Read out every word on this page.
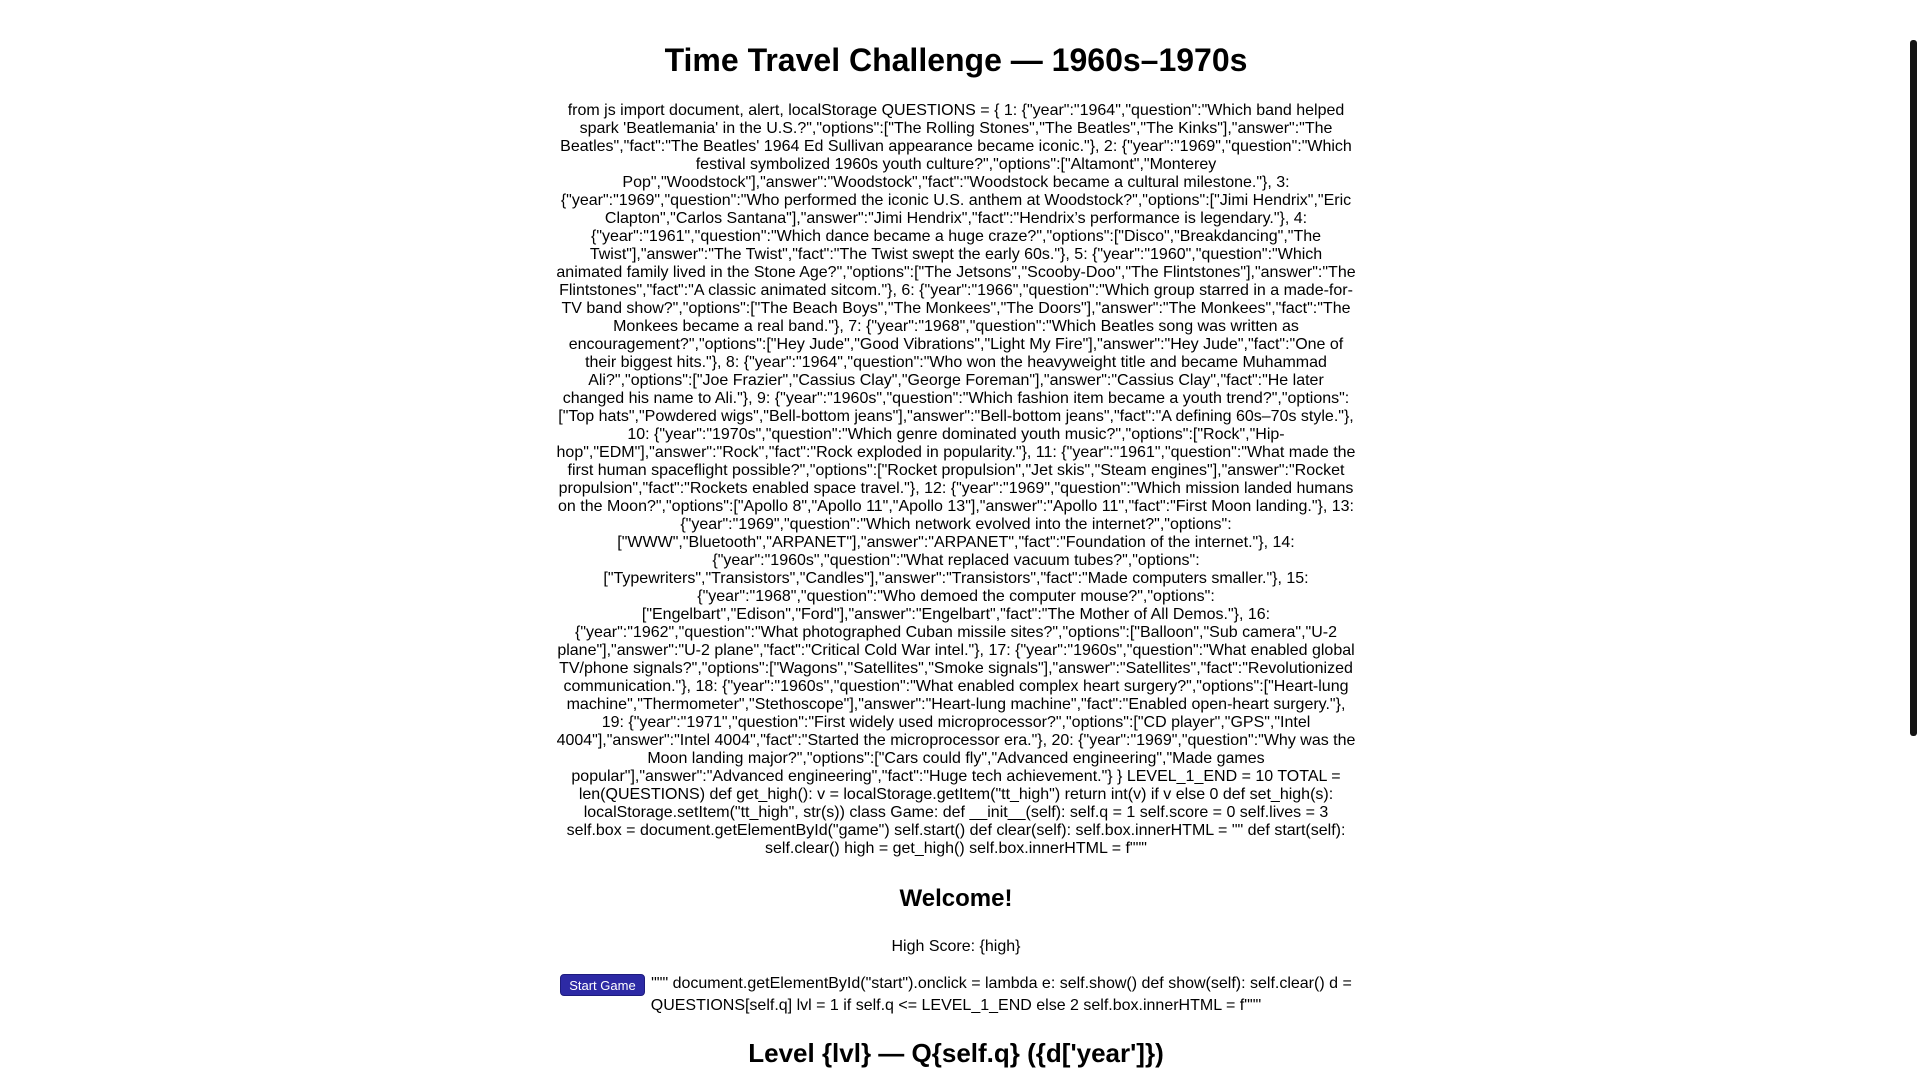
Time Travel Challenge — 1960s–1970s

from js import document, alert, localStorage QUESTIONS = { 1: {"year":"1964","question":"Which band helped spark 'Beatlemania' in the U.S.?","options":["The Rolling Stones","The Beatles","The Kinks"],"answer":"The Beatles","fact":"The Beatles' 1964 Ed Sullivan appearance became iconic."}, 2: {"year":"1969","question":"Which festival symbolized 1960s youth culture?","options":["Altamont","Monterey Pop","Woodstock"],"answer":"Woodstock","fact":"Woodstock became a cultural milestone."}, 3: {"year":"1969","question":"Who performed the iconic U.S. anthem at Woodstock?","options":["Jimi Hendrix","Eric Clapton","Carlos Santana"],"answer":"Jimi Hendrix","fact":"Hendrix’s performance is legendary."}, 4: {"year":"1961","question":"Which dance became a huge craze?","options":["Disco","Breakdancing","The Twist"],"answer":"The Twist","fact":"The Twist swept the early 60s."}, 5: {"year":"1960","question":"Which animated family lived in the Stone Age?","options":["The Jetsons","Scooby-Doo","The Flintstones"],"answer":"The Flintstones","fact":"A classic animated sitcom."}, 6: {"year":"1966","question":"Which group starred in a made-for-TV band show?","options":["The Beach Boys","The Monkees","The Doors"],"answer":"The Monkees","fact":"The Monkees became a real band."}, 7: {"year":"1968","question":"Which Beatles song was written as encouragement?","options":["Hey Jude","Good Vibrations","Light My Fire"],"answer":"Hey Jude","fact":"One of their biggest hits."}, 8: {"year":"1964","question":"Who won the heavyweight title and became Muhammad Ali?","options":["Joe Frazier","Cassius Clay","George Foreman"],"answer":"Cassius Clay","fact":"He later changed his name to Ali."}, 9: {"year":"1960s","question":"Which fashion item became a youth trend?","options":["Top hats","Powdered wigs","Bell-bottom jeans"],"answer":"Bell-bottom jeans","fact":"A defining 60s–70s style."}, 10: {"year":"1970s","question":"Which genre dominated youth music?","options":["Rock","Hip-hop","EDM"],"answer":"Rock","fact":"Rock exploded in popularity."}, 11: {"year":"1961","question":"What made the first human spaceflight possible?","options":["Rocket propulsion","Jet skis","Steam engines"],"answer":"Rocket propulsion","fact":"Rockets enabled space travel."}, 12: {"year":"1969","question":"Which mission landed humans on the Moon?","options":["Apollo 8","Apollo 11","Apollo 13"],"answer":"Apollo 11","fact":"First Moon landing."}, 13: {"year":"1969","question":"Which network evolved into the internet?","options":["WWW","Bluetooth","ARPANET"],"answer":"ARPANET","fact":"Foundation of the internet."}, 14: {"year":"1960s","question":"What replaced vacuum tubes?","options":["Typewriters","Transistors","Candles"],"answer":"Transistors","fact":"Made computers smaller."}, 15: {"year":"1968","question":"Who demoed the computer mouse?","options":["Engelbart","Edison","Ford"],"answer":"Engelbart","fact":"The Mother of All Demos."}, 16: {"year":"1962","question":"What photographed Cuban missile sites?","options":["Balloon","Sub camera","U-2 plane"],"answer":"U-2 plane","fact":"Critical Cold War intel."}, 17: {"year":"1960s","question":"What enabled global TV/phone signals?","options":["Wagons","Satellites","Smoke signals"],"answer":"Satellites","fact":"Revolutionized communication."}, 18: {"year":"1960s","question":"What enabled complex heart surgery?","options":["Heart-lung machine","Thermometer","Stethoscope"],"answer":"Heart-lung machine","fact":"Enabled open-heart surgery."}, 19: {"year":"1971","question":"First widely used microprocessor?","options":["CD player","GPS","Intel 4004"],"answer":"Intel 4004","fact":"Started the microprocessor era."}, 20: {"year":"1969","question":"Why was the Moon landing major?","options":["Cars could fly","Advanced engineering","Made games popular"],"answer":"Advanced engineering","fact":"Huge tech achievement."} } LEVEL_1_END = 10 TOTAL = len(QUESTIONS) def get_high(): v = localStorage.getItem("tt_high") return int(v) if v else 0 def set_high(s): localStorage.setItem("tt_high", str(s)) class Game: def __init__(self): self.q = 1 self.score = 0 self.lives = 3 self.box = document.getElementById("game") self.start() def clear(self): self.box.innerHTML = "" def start(self): self.clear() high = get_high() self.box.innerHTML = f"""

Welcome!

High Score: {high}

Start Game """ document.getElementById("start").onclick = lambda e: self.show() def show(self): self.clear() d = QUESTIONS[self.q] lvl = 1 if self.q <= LEVEL_1_END else 2 self.box.innerHTML = f"""
Level {lvl} — Q{self.q} ({d['year']})
